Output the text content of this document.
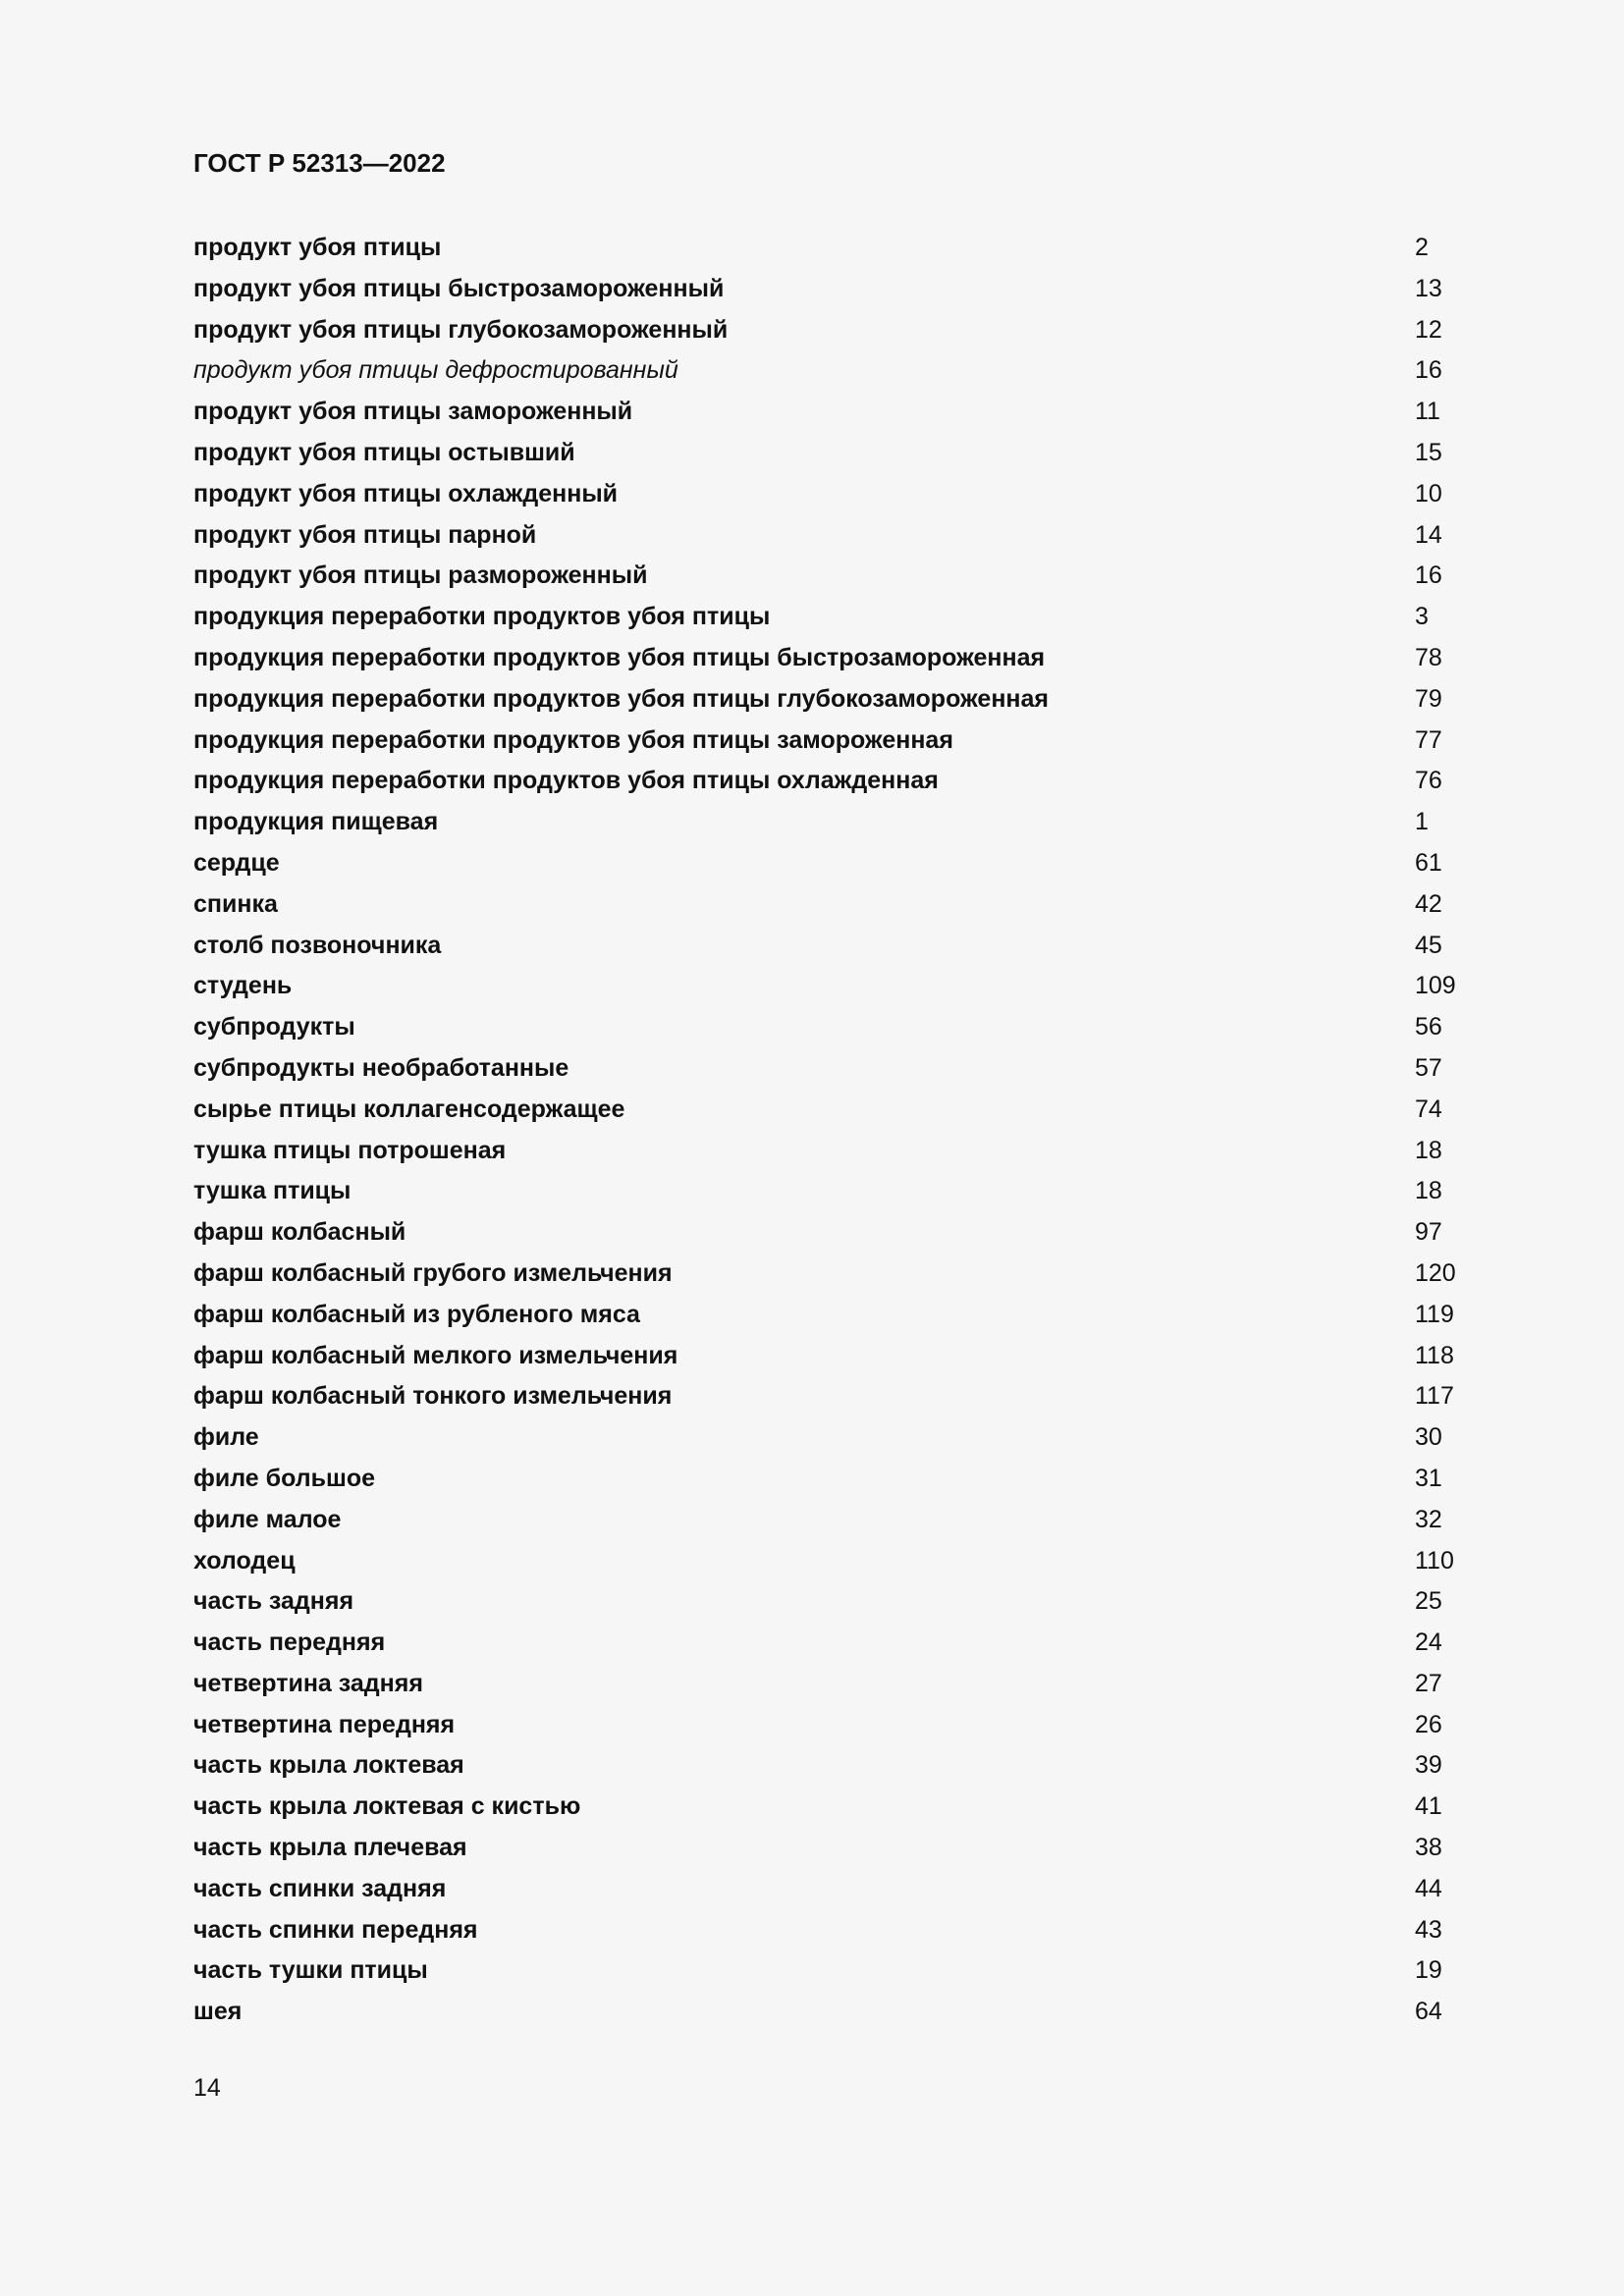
ГОСТ Р 52313—2022
продукт убоя птицы	2
продукт убоя птицы быстрозамороженный	13
продукт убоя птицы глубокозамороженный	12
продукт убоя птицы дефростированный	16
продукт убоя птицы замороженный	11
продукт убоя птицы остывший	15
продукт убоя птицы охлажденный	10
продукт убоя птицы парной	14
продукт убоя птицы размороженный	16
продукция переработки продуктов убоя птицы	3
продукция переработки продуктов убоя птицы быстрозамороженная	78
продукция переработки продуктов убоя птицы глубокозамороженная	79
продукция переработки продуктов убоя птицы замороженная	77
продукция переработки продуктов убоя птицы охлажденная	76
продукция пищевая	1
сердце	61
спинка	42
столб позвоночника	45
студень	109
субпродукты	56
субпродукты необработанные	57
сырье птицы коллагенсодержащее	74
тушка птицы потрошеная	18
тушка птицы	18
фарш колбасный	97
фарш колбасный грубого измельчения	120
фарш колбасный из рубленого мяса	119
фарш колбасный мелкого измельчения	118
фарш колбасный тонкого измельчения	117
филе	30
филе большое	31
филе малое	32
холодец	110
часть задняя	25
часть передняя	24
четвертина задняя	27
четвертина передняя	26
часть крыла локтевая	39
часть крыла локтевая с кистью	41
часть крыла плечевая	38
часть спинки задняя	44
часть спинки передняя	43
часть тушки птицы	19
шея	64
14
